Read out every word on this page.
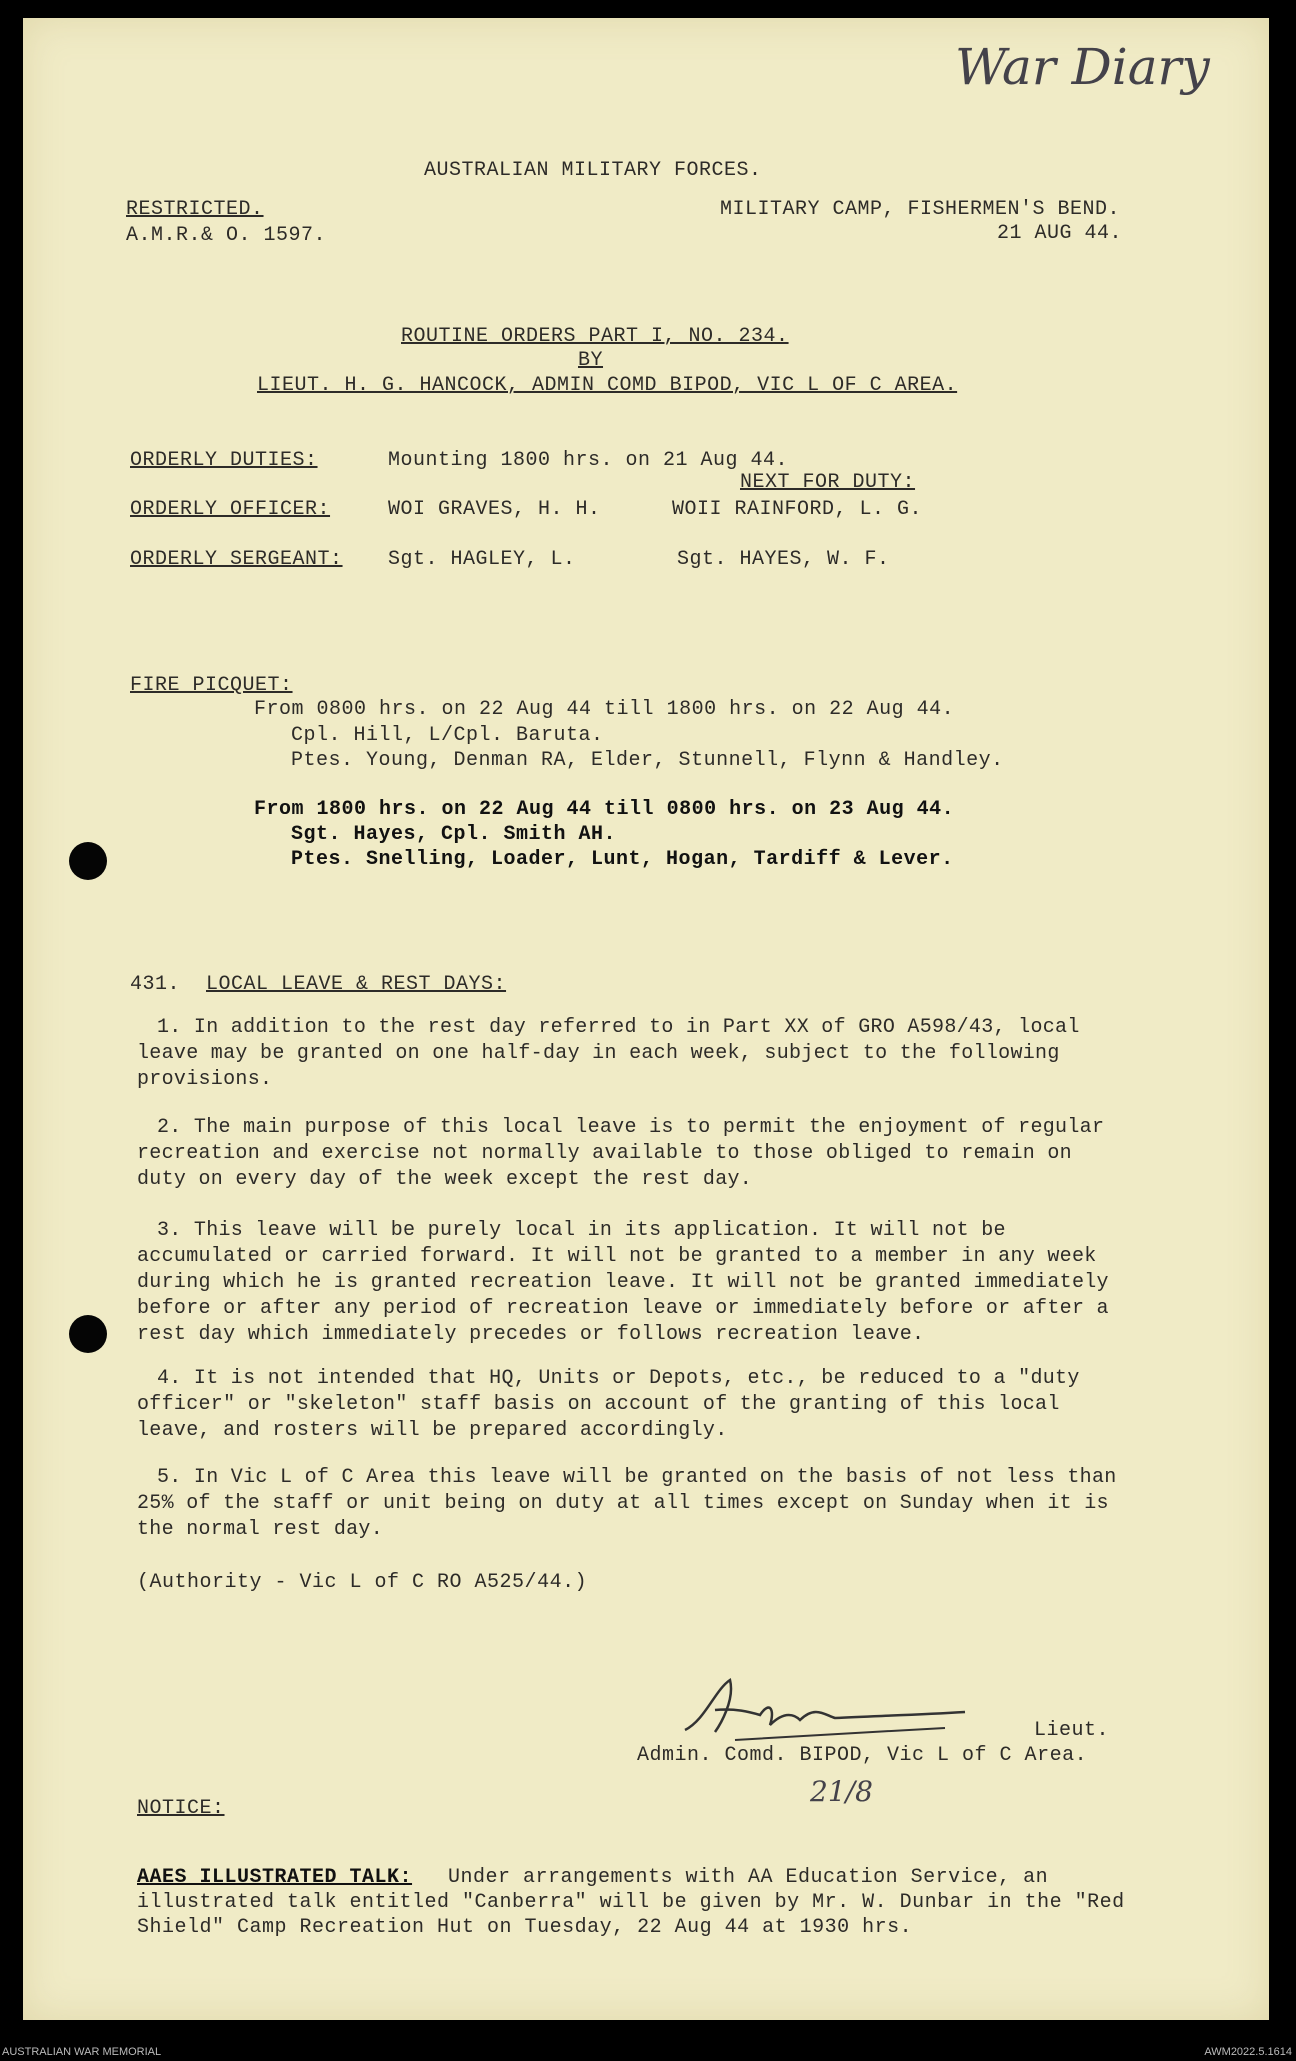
War Diary
AUSTRALIAN MILITARY FORCES.
RESTRICTED.
A.M.R.& O. 1597.
MILITARY CAMP, FISHERMEN'S BEND.
21 AUG 44.
ROUTINE ORDERS PART I, NO. 234.
BY
LIEUT. H. G. HANCOCK, ADMIN COMD BIPOD, VIC L OF C AREA.
ORDERLY DUTIES:	Mounting 1800 hrs. on 21 Aug 44.
NEXT FOR DUTY:
ORDERLY OFFICER:	WOI GRAVES, H. H.	WOII RAINFORD, L. G.
ORDERLY SERGEANT: Sgt. HAGLEY, L.	Sgt. HAYES, W. F.
FIRE PICQUET:
From 0800 hrs. on 22 Aug 44 till 1800 hrs. on 22 Aug 44.
Cpl. Hill, L/Cpl. Baruta.
Ptes. Young, Denman RA, Elder, Stunnell, Flynn & Handley.
From 1800 hrs. on 22 Aug 44 till 0800 hrs. on 23 Aug 44.
Sgt. Hayes, Cpl. Smith AH.
Ptes. Snelling, Loader, Lunt, Hogan, Tardiff & Lever.
431. LOCAL LEAVE & REST DAYS:
1. In addition to the rest day referred to in Part XX of GRO A598/43, local leave may be granted on one half-day in each week, subject to the following provisions.
2. The main purpose of this local leave is to permit the enjoyment of regular recreation and exercise not normally available to those obliged to remain on duty on every day of the week except the rest day.
3. This leave will be purely local in its application. It will not be accumulated or carried forward. It will not be granted to a member in any week during which he is granted recreation leave. It will not be granted immediately before or after any period of recreation leave or immediately before or after a rest day which immediately precedes or follows recreation leave.
4. It is not intended that HQ, Units or Depots, etc., be reduced to a "duty officer" or "skeleton" staff basis on account of the granting of this local leave, and rosters will be prepared accordingly.
5. In Vic L of C Area this leave will be granted on the basis of not less than 25% of the staff or unit being on duty at all times except on Sunday when it is the normal rest day.
(Authority - Vic L of C RO A525/44.)
Lieut.
Admin. Comd. BIPOD, Vic L of C Area.
21/8
NOTICE:
AAES ILLUSTRATED TALK: Under arrangements with AA Education Service, an
illustrated talk entitled "Canberra" will be given by Mr. W. Dunbar in the "Red
Shield" Camp Recreation Hut on Tuesday, 22 Aug 44 at 1930 hrs.
AUSTRALIAN WAR MEMORIAL	AWM2022.5.1614
